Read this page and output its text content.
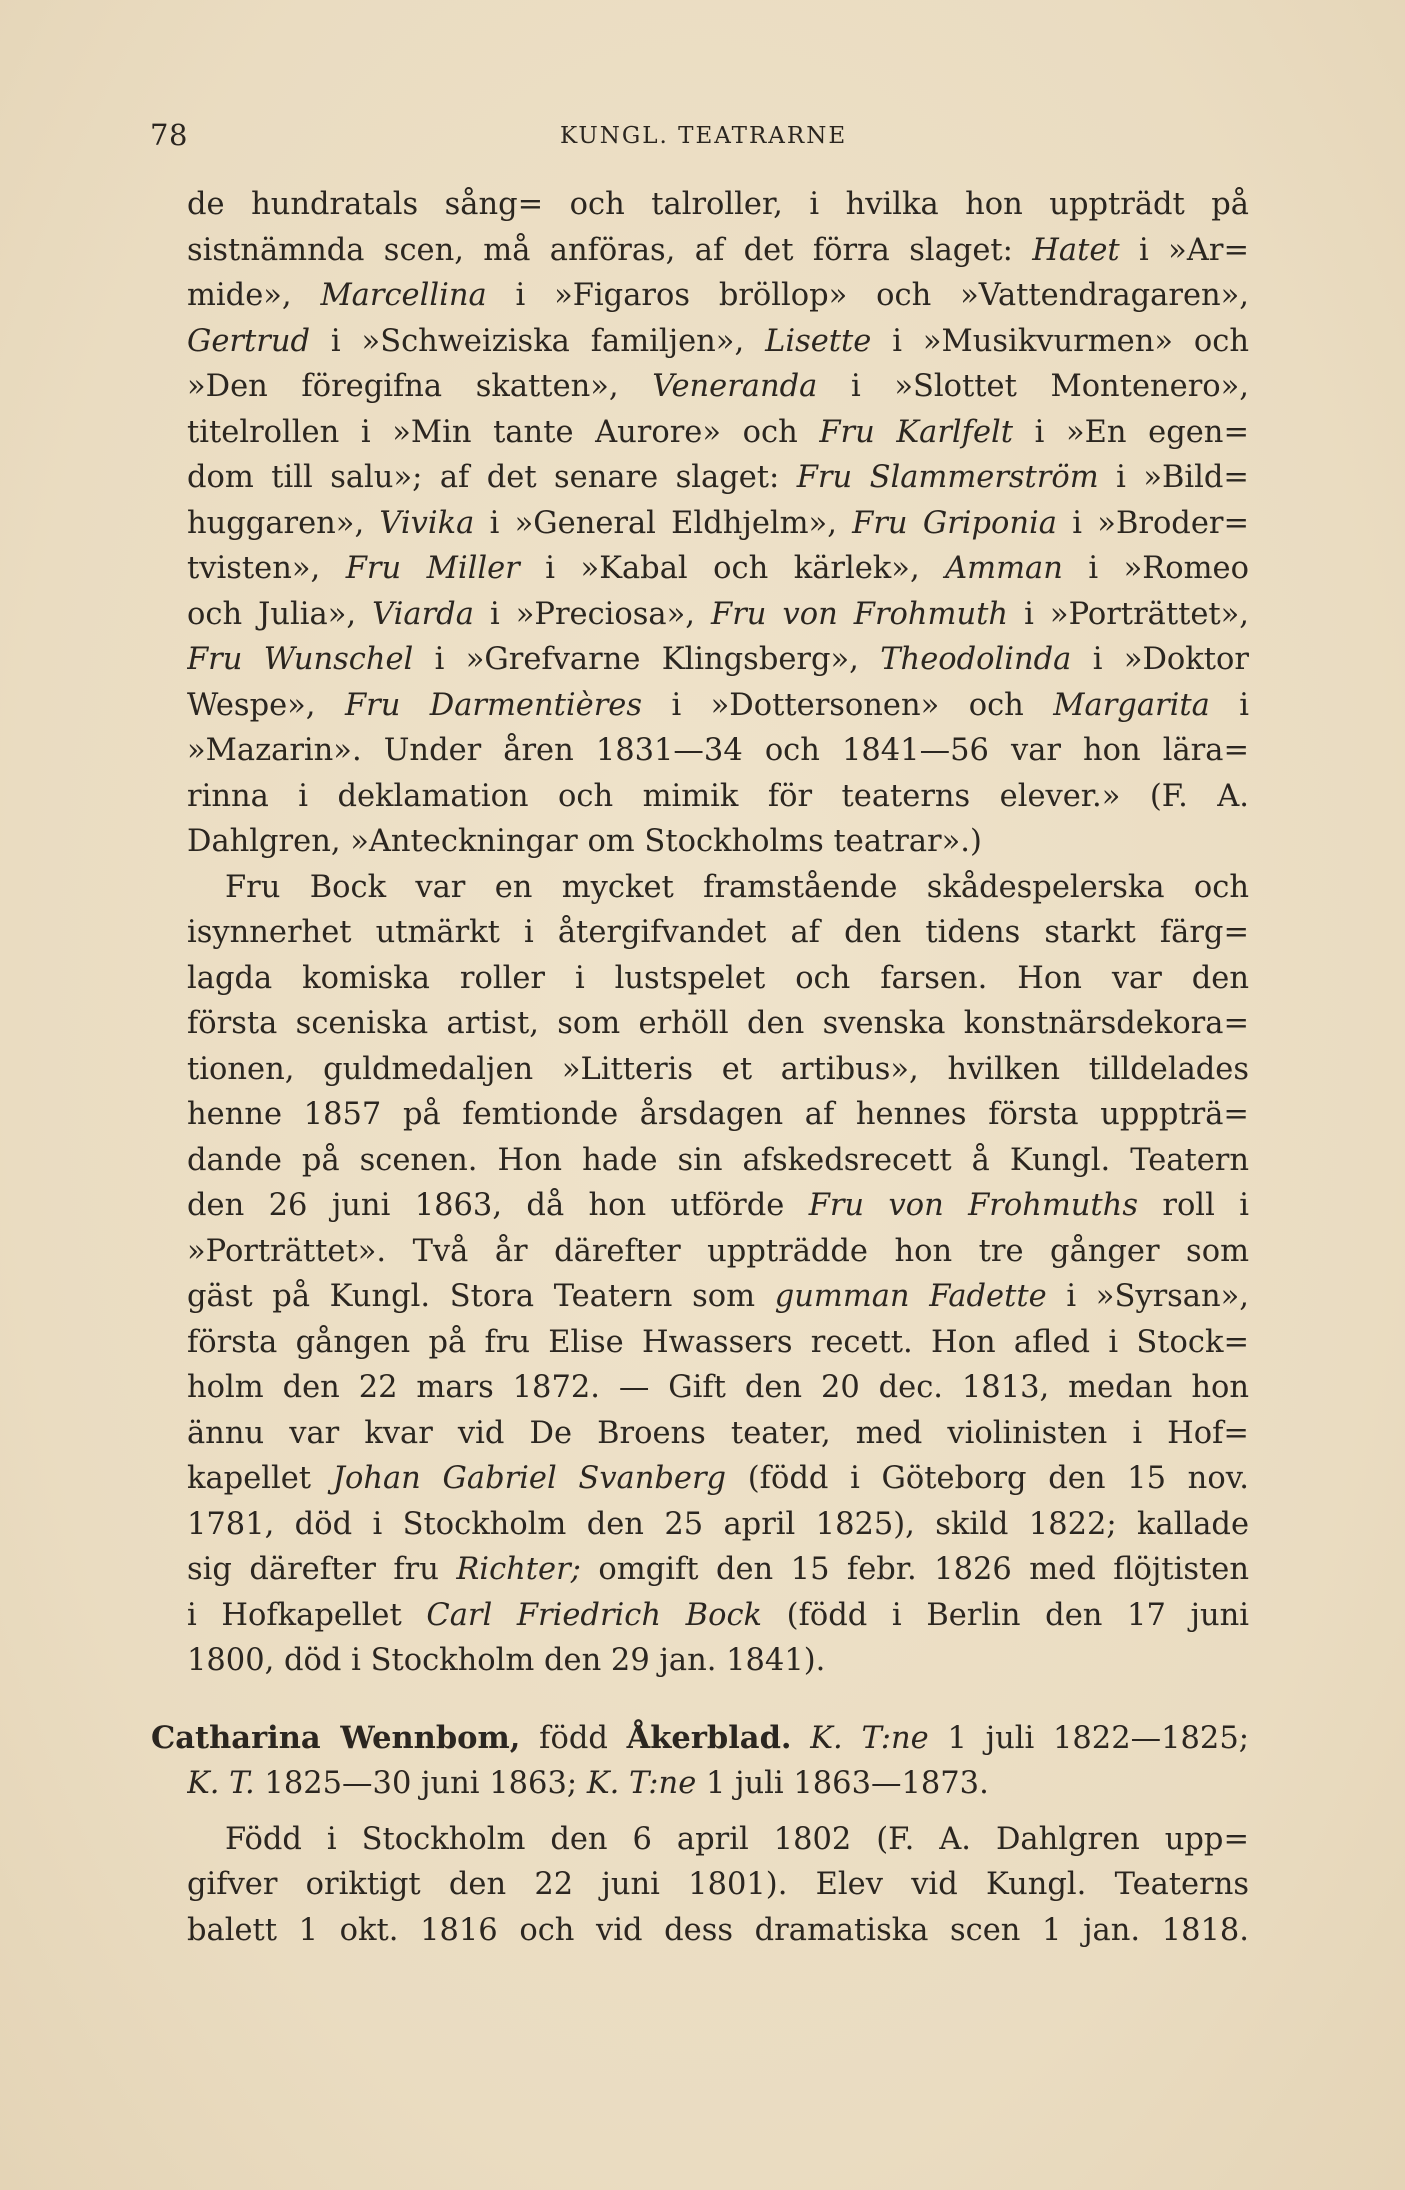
78	KUNGL. TEATRARNE
de hundratals sång= och talroller, i hvilka hon uppträdt på
sistnämnda scen, må anföras, af det förra slaget: Hatet i »Ar=
mide», Marcellina i »Figaros bröllop» och »Vattendragaren»,
Gertrud i »Schweiziska familjen», Lisette i »Musikvurmen» och
»Den föregifna skatten», Veneranda i »Slottet Montenero»,
titelrollen i »Min tante Aurore» och Fru Karlfelt i »En egen=
dom till salu»; af det senare slaget: Fru Slammerström i »Bild=
huggaren», Vivika i »General Eldhjelm», Fru Griponia i »Broder=
tvisten», Fru Miller i »Kabal och kärlek», Amman i »Romeo
och Julia», Viarda i »Preciosa», Fru von Frohmuth i »Porträttet»,
Fru Wunschel i »Grefvarne Klingsberg», Theodolinda i »Doktor
Wespe», Fru Darmentières i »Dottersonen» och Margarita i
»Mazarin». Under åren 1831—34 och 1841—56 var hon lära=
rinna i deklamation och mimik för teaterns elever.» (F. A.
Dahlgren, »Anteckningar om Stockholms teatrar».)
Fru Bock var en mycket framstående skådespelerska och
isynnerhet utmärkt i återgifvandet af den tidens starkt färg=
lagda komiska roller i lustspelet och farsen. Hon var den
första sceniska artist, som erhöll den svenska konstnärsdekora=
tionen, guldmedaljen »Litteris et artibus», hvilken tilldelades
henne 1857 på femtionde årsdagen af hennes första upppträ=
dande på scenen. Hon hade sin afskedsrecett å Kungl. Teatern
den 26 juni 1863, då hon utförde Fru von Frohmuths roll i
»Porträttet». Två år därefter uppträdde hon tre gånger som
gäst på Kungl. Stora Teatern som gumman Fadette i »Syrsan»,
första gången på fru Elise Hwassers recett. Hon afled i Stock=
holm den 22 mars 1872. — Gift den 20 dec. 1813, medan hon
ännu var kvar vid De Broens teater, med violinisten i Hof=
kapellet Johan Gabriel Svanberg (född i Göteborg den 15 nov.
1781, död i Stockholm den 25 april 1825), skild 1822; kallade
sig därefter fru Richter; omgift den 15 febr. 1826 med flöjtisten
i Hofkapellet Carl Friedrich Bock (född i Berlin den 17 juni
1800, död i Stockholm den 29 jan. 1841).
Catharina Wennbom, född Åkerblad. K. T:ne 1 juli 1822—1825;
K. T. 1825—30 juni 1863; K. T:ne 1 juli 1863—1873.
Född i Stockholm den 6 april 1802 (F. A. Dahlgren upp=
gifver oriktigt den 22 juni 1801). Elev vid Kungl. Teaterns
balett 1 okt. 1816 och vid dess dramatiska scen 1 jan. 1818.
